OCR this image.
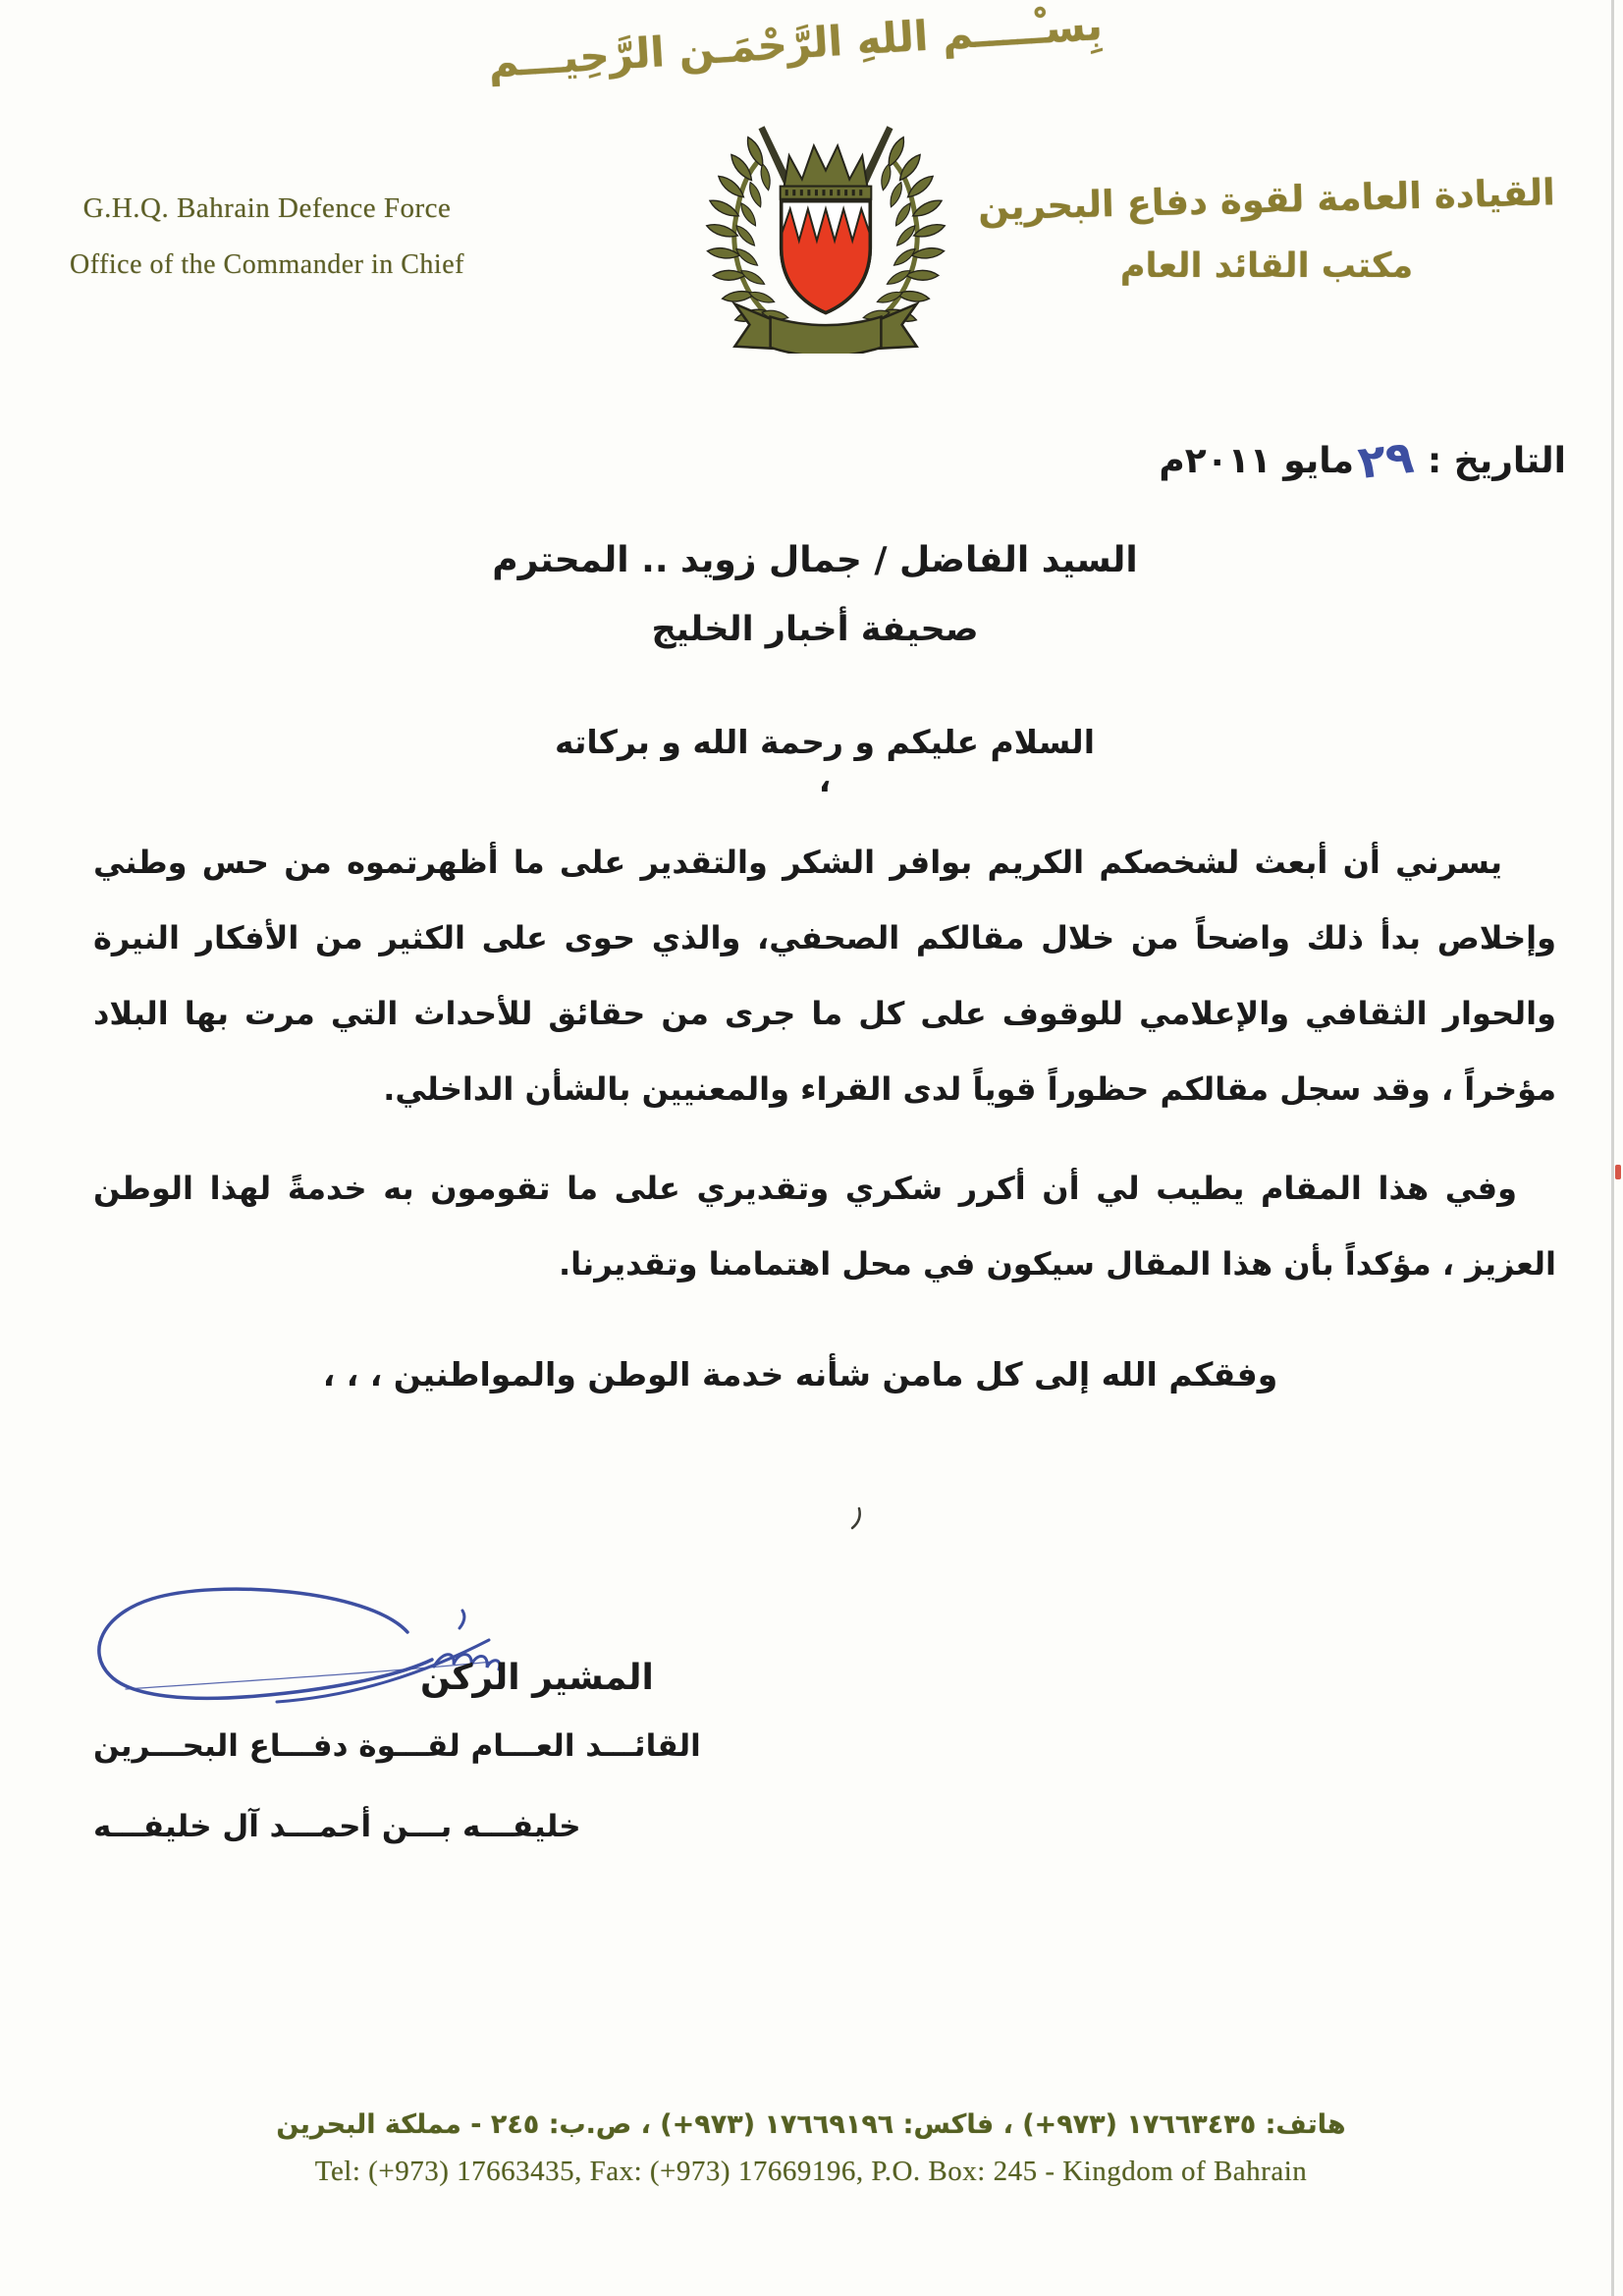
بِسـْــــم اللهِ الرَّحْمَـن الرَّحِيـــم
G.H.Q. Bahrain Defence Force
Office of the Commander in Chief
القيادة العامة لقوة دفاع البحرين
مكتب القائد العام
التاريخ : ٢٩مايو ٢٠١١م
السيد الفاضل / جمال زويد .. المحترم
صحيفة أخبار الخليج
السلام عليكم و رحمة الله و بركاته ،
يسرني أن أبعث لشخصكم الكريم بوافر الشكر والتقدير على ما أظهرتموه من حس وطني وإخلاص بدأ ذلك واضحاً من خلال مقالكم الصحفي، والذي حوى على الكثير من الأفكار النيرة والحوار الثقافي والإعلامي للوقوف على كل ما جرى من حقائق للأحداث التي مرت بها البلاد مؤخراً ، وقد سجل مقالكم حظوراً قوياً لدى القراء والمعنيين بالشأن الداخلي.
وفي هذا المقام يطيب لي أن أكرر شكري وتقديري على ما تقومون به خدمةً لهذا الوطن العزيز ، مؤكداً بأن هذا المقال سيكون في محل اهتمامنا وتقديرنا.
وفقكم الله إلى كل مامن شأنه خدمة الوطن والمواطنين ، ، ،
المشير الركن
القائـــد العـــام لقـــوة دفـــاع البحـــرين
خليفـــه بـــن أحمـــد آل خليفـــه
هاتف: ١٧٦٦٣٤٣٥ (٩٧٣+) ، فاكس: ١٧٦٦٩١٩٦ (٩٧٣+) ، ص.ب: ٢٤٥ - مملكة البحرين
Tel: (+973) 17663435, Fax: (+973) 17669196, P.O. Box: 245 - Kingdom of Bahrain
